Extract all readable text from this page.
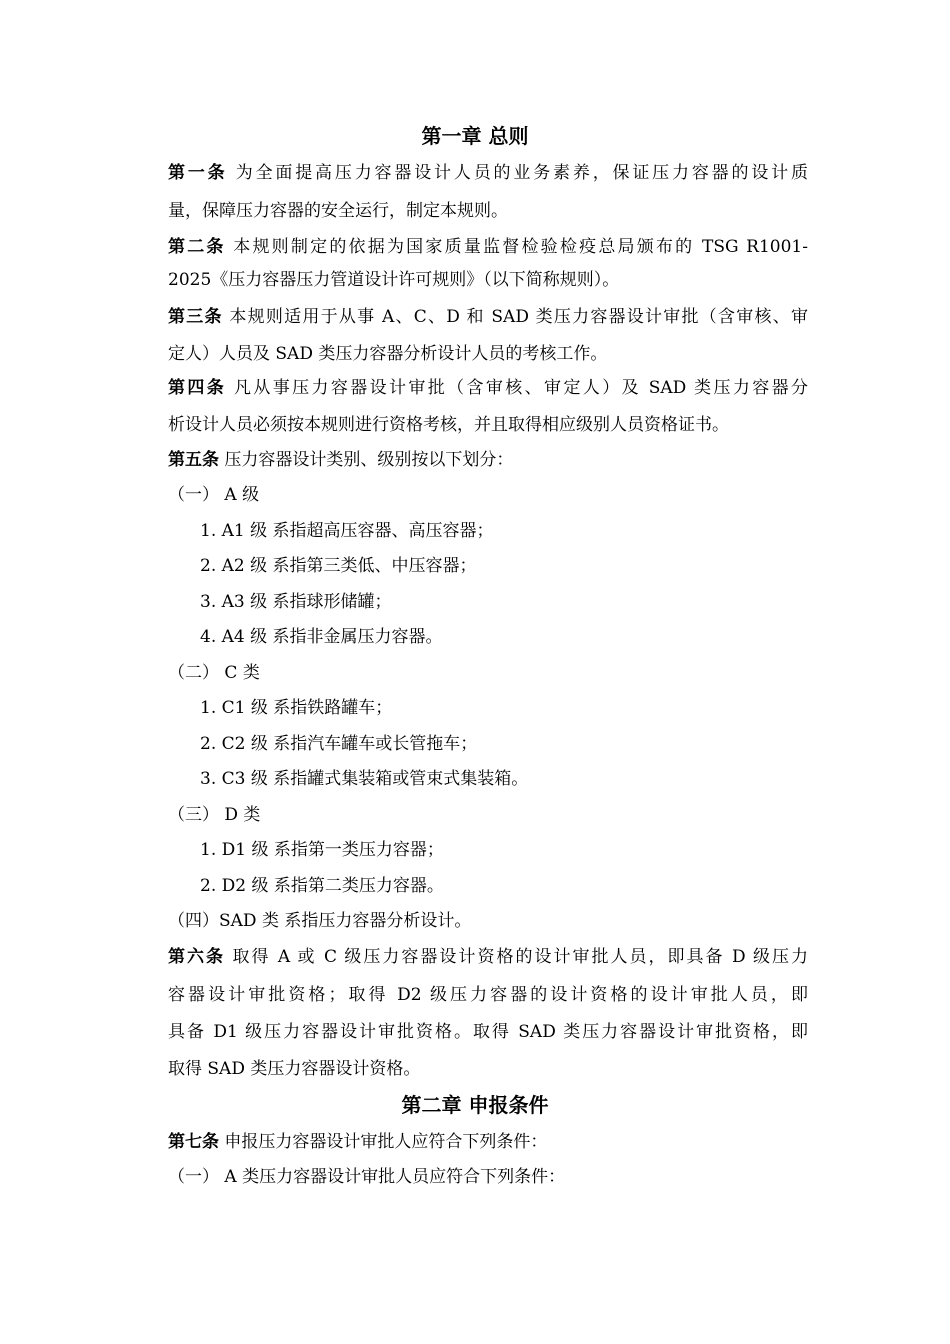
第一章 总则
第一条 为全面提高压力容器设计人员的业务素养，保证压力容器的设计质
量，保障压力容器的安全运行，制定本规则。
第二条 本规则制定的依据为国家质量监督检验检疫总局颁布的 TSG R1001-
2025《压力容器压力管道设计许可规则》（以下简称规则）。
第三条 本规则适用于从事 A、C、D 和 SAD 类压力容器设计审批（含审核、审
定人）人员及 SAD 类压力容器分析设计人员的考核工作。
第四条 凡从事压力容器设计审批（含审核、审定人）及 SAD 类压力容器分
析设计人员必须按本规则进行资格考核，并且取得相应级别人员资格证书。
第五条 压力容器设计类别、级别按以下划分：
（一） A 级
1. A1 级 系指超高压容器、高压容器；
2. A2 级 系指第三类低、中压容器；
3. A3 级 系指球形储罐；
4. A4 级 系指非金属压力容器。
（二） C 类
1. C1 级 系指铁路罐车；
2. C2 级 系指汽车罐车或长管拖车；
3. C3 级 系指罐式集装箱或管束式集装箱。
（三） D 类
1. D1 级 系指第一类压力容器；
2. D2 级 系指第二类压力容器。
（四）SAD 类 系指压力容器分析设计。
第六条 取得 A 或 C 级压力容器设计资格的设计审批人员，即具备 D 级压力
容器设计审批资格；取得 D2 级压力容器的设计资格的设计审批人员，即
具备 D1 级压力容器设计审批资格。取得 SAD 类压力容器设计审批资格，即
取得 SAD 类压力容器设计资格。
第二章 申报条件
第七条 申报压力容器设计审批人应符合下列条件：
（一） A 类压力容器设计审批人员应符合下列条件：
